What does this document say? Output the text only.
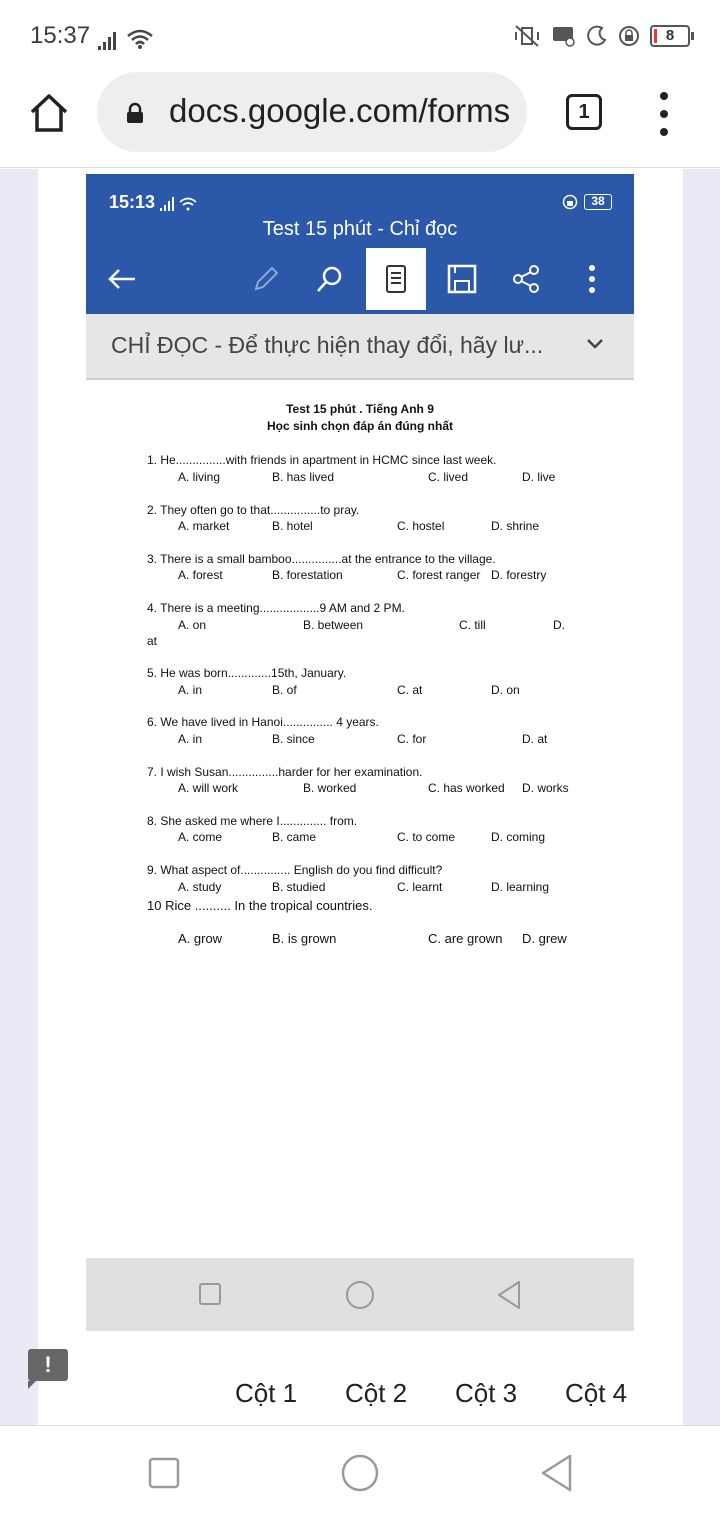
15:37	8
docs.google.com/forms	1
15:13	38
Test 15 phút - Chỉ đọc
CHỈ ĐỌC - Để thực hiện thay đổi, hãy lư...
Test 15 phút . Tiếng Anh 9
Học sinh chọn đáp án đúng nhất
1. He...............with friends in apartment in HCMC since last week.
A. living	B. has lived	C. lived	D. live
2. They often go to that...............to pray.
A. market	B. hotel	C. hostel	D. shrine
3. There is a small bamboo...............at the entrance to the village.
A. forest	B. forestation	C. forest ranger D. forestry
4. There is a meeting..................9 AM and 2 PM.
A. on	B. between	C. till	D.
at
5. He was born.............15th, January.
A. in	B. of	C. at	D. on
6. We have lived in Hanoi............... 4 years.
A. in	B. since	C. for	D. at
7. I wish Susan...............harder for her examination.
A. will work	B. worked	C. has worked D. works
8. She asked me where I.............. from.
A. come	B. came	C. to come	D. coming
9. What aspect of............... English do you find difficult?
A. study	B. studied	C. learnt	D. learning
10 Rice .......... In the tropical countries.
A. grow	B. is grown	C. are grown D. grew
!
Cột 1 Cột 2 Cột 3 Cột 4
